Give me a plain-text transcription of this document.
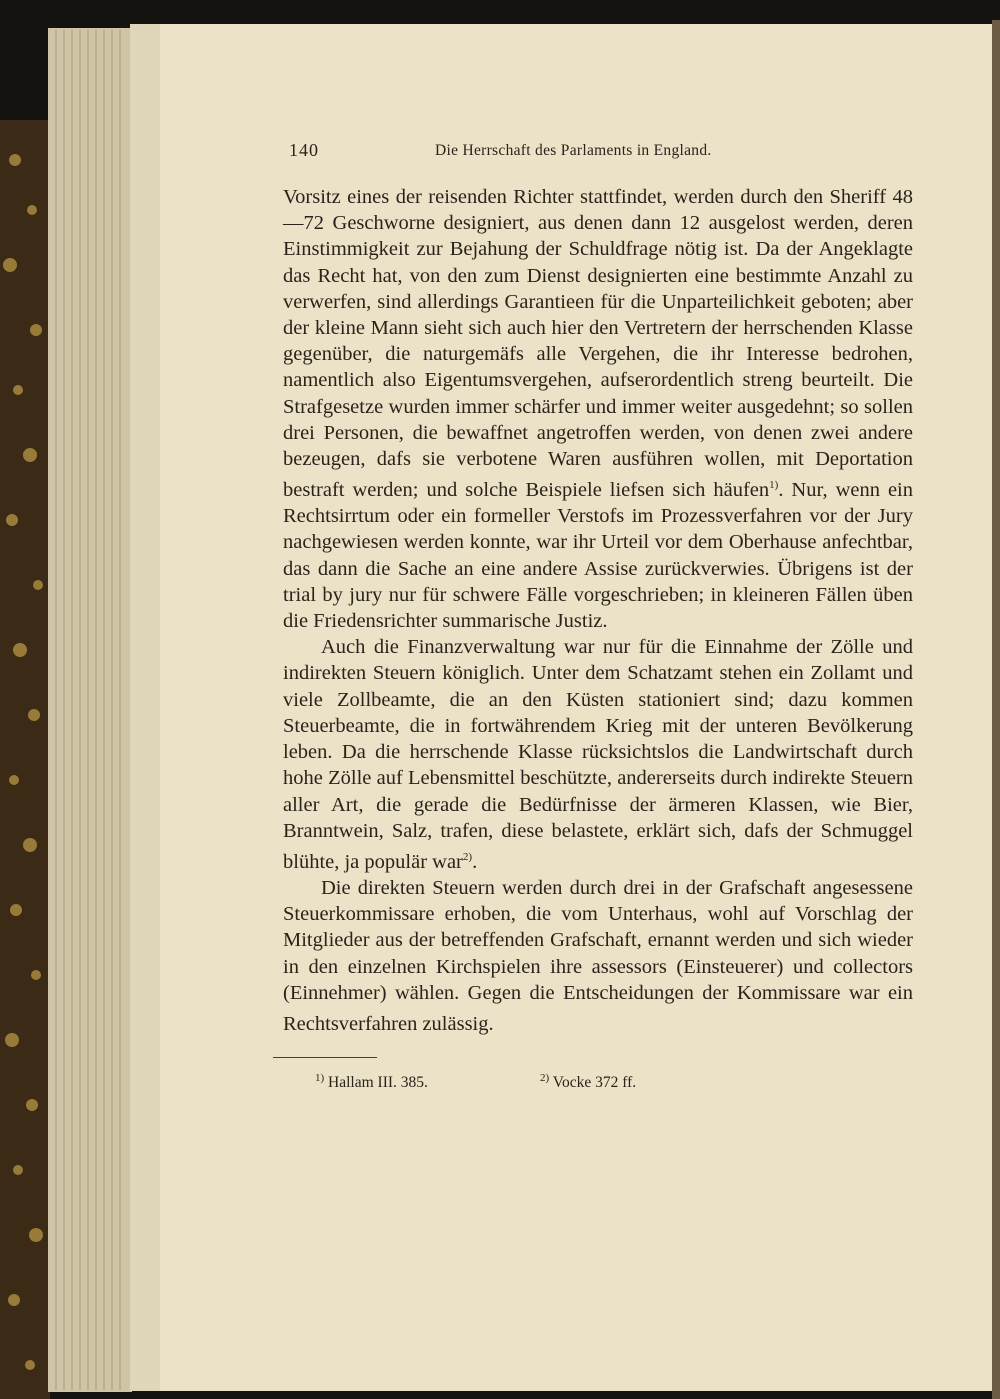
140	Die Herrschaft des Parlaments in England.

Vorsitz eines der reisenden Richter stattfindet, werden durch den Sheriff 48—72 Geschworne designiert, aus denen dann 12 ausgelost werden, deren Einstimmigkeit zur Bejahung der Schuldfrage nötig ist. Da der Angeklagte das Recht hat, von den zum Dienst designierten eine bestimmte Anzahl zu verwerfen, sind allerdings Garantieen für die Unparteilichkeit geboten; aber der kleine Mann sieht sich auch hier den Vertretern der herrschenden Klasse gegenüber, die naturgemäfs alle Vergehen, die ihr Interesse bedrohen, namentlich also Eigentumsvergehen, aufserordentlich streng beurteilt. Die Strafgesetze wurden immer schärfer und immer weiter ausgedehnt; so sollen drei Personen, die bewaffnet angetroffen werden, von denen zwei andere bezeugen, dafs sie verbotene Waren ausführen wollen, mit Deportation bestraft werden; und solche Beispiele liefsen sich häufen$^{1)}$. Nur, wenn ein Rechtsirrtum oder ein formeller Verstofs im Prozessverfahren vor der Jury nachgewiesen werden konnte, war ihr Urteil vor dem Oberhause anfechtbar, das dann die Sache an eine andere Assise zurückverwies. Übrigens ist der trial by jury nur für schwere Fälle vorgeschrieben; in kleineren Fällen üben die Friedensrichter summarische Justiz.

Auch die Finanzverwaltung war nur für die Einnahme der Zölle und indirekten Steuern königlich. Unter dem Schatzamt stehen ein Zollamt und viele Zollbeamte, die an den Küsten stationiert sind; dazu kommen Steuerbeamte, die in fortwährendem Krieg mit der unteren Bevölkerung leben. Da die herrschende Klasse rücksichtslos die Landwirtschaft durch hohe Zölle auf Lebensmittel beschützte, andererseits durch indirekte Steuern aller Art, die gerade die Bedürfnisse der ärmeren Klassen, wie Bier, Branntwein, Salz, trafen, diese belastete, erklärt sich, dafs der Schmuggel blühte, ja populär war$^{2)}$.

Die direkten Steuern werden durch drei in der Grafschaft angesessene Steuerkommissare erhoben, die vom Unterhaus, wohl auf Vorschlag der Mitglieder aus der betreffenden Grafschaft, ernannt werden und sich wieder in den einzelnen Kirchspielen ihre assessors (Einsteuerer) und collectors (Einnehmer) wählen. Gegen die Entscheidungen der Kommissare war ein Rechtsverfahren zulässig.

$^{1)}$ Hallam III. 385.	$^{2)}$ Vocke 372 ff.
